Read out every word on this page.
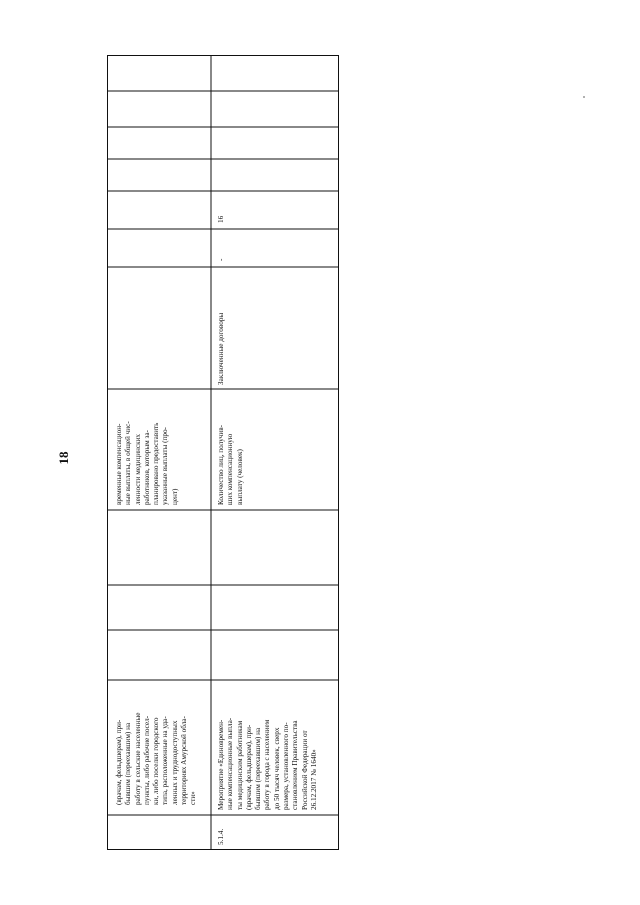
18
(врачам, фельдшерам), при-
бывшим (переехавшим) на
работу в сельские населенные
пункты, либо рабочие посел-
ки, либо поселки городского
типа, расположенные на уда-
ленных и труднодоступных
территориях Амурской обла-
сти»
временные компенсацион-
ные выплаты, в общей чис-
ленности медицинских
работников, которым за-
планировано предоставить
указанные выплаты (про-
цент)
5.1.4.
Мероприятие «Единовремен-
ные компенсационные выпла-
ты медицинским работникам
(врачам, фельдшерам), при-
бывшим (переехавшим) на
работу в города с населением
до 50 тысяч человек, сверх
размера, установленного по-
становлением Правительства
Российской Федерации от
26.12.2017 № 1640»
Количество лиц, получив-
ших компенсационную
выплату (человек)
Заключенные договоры
-
16
